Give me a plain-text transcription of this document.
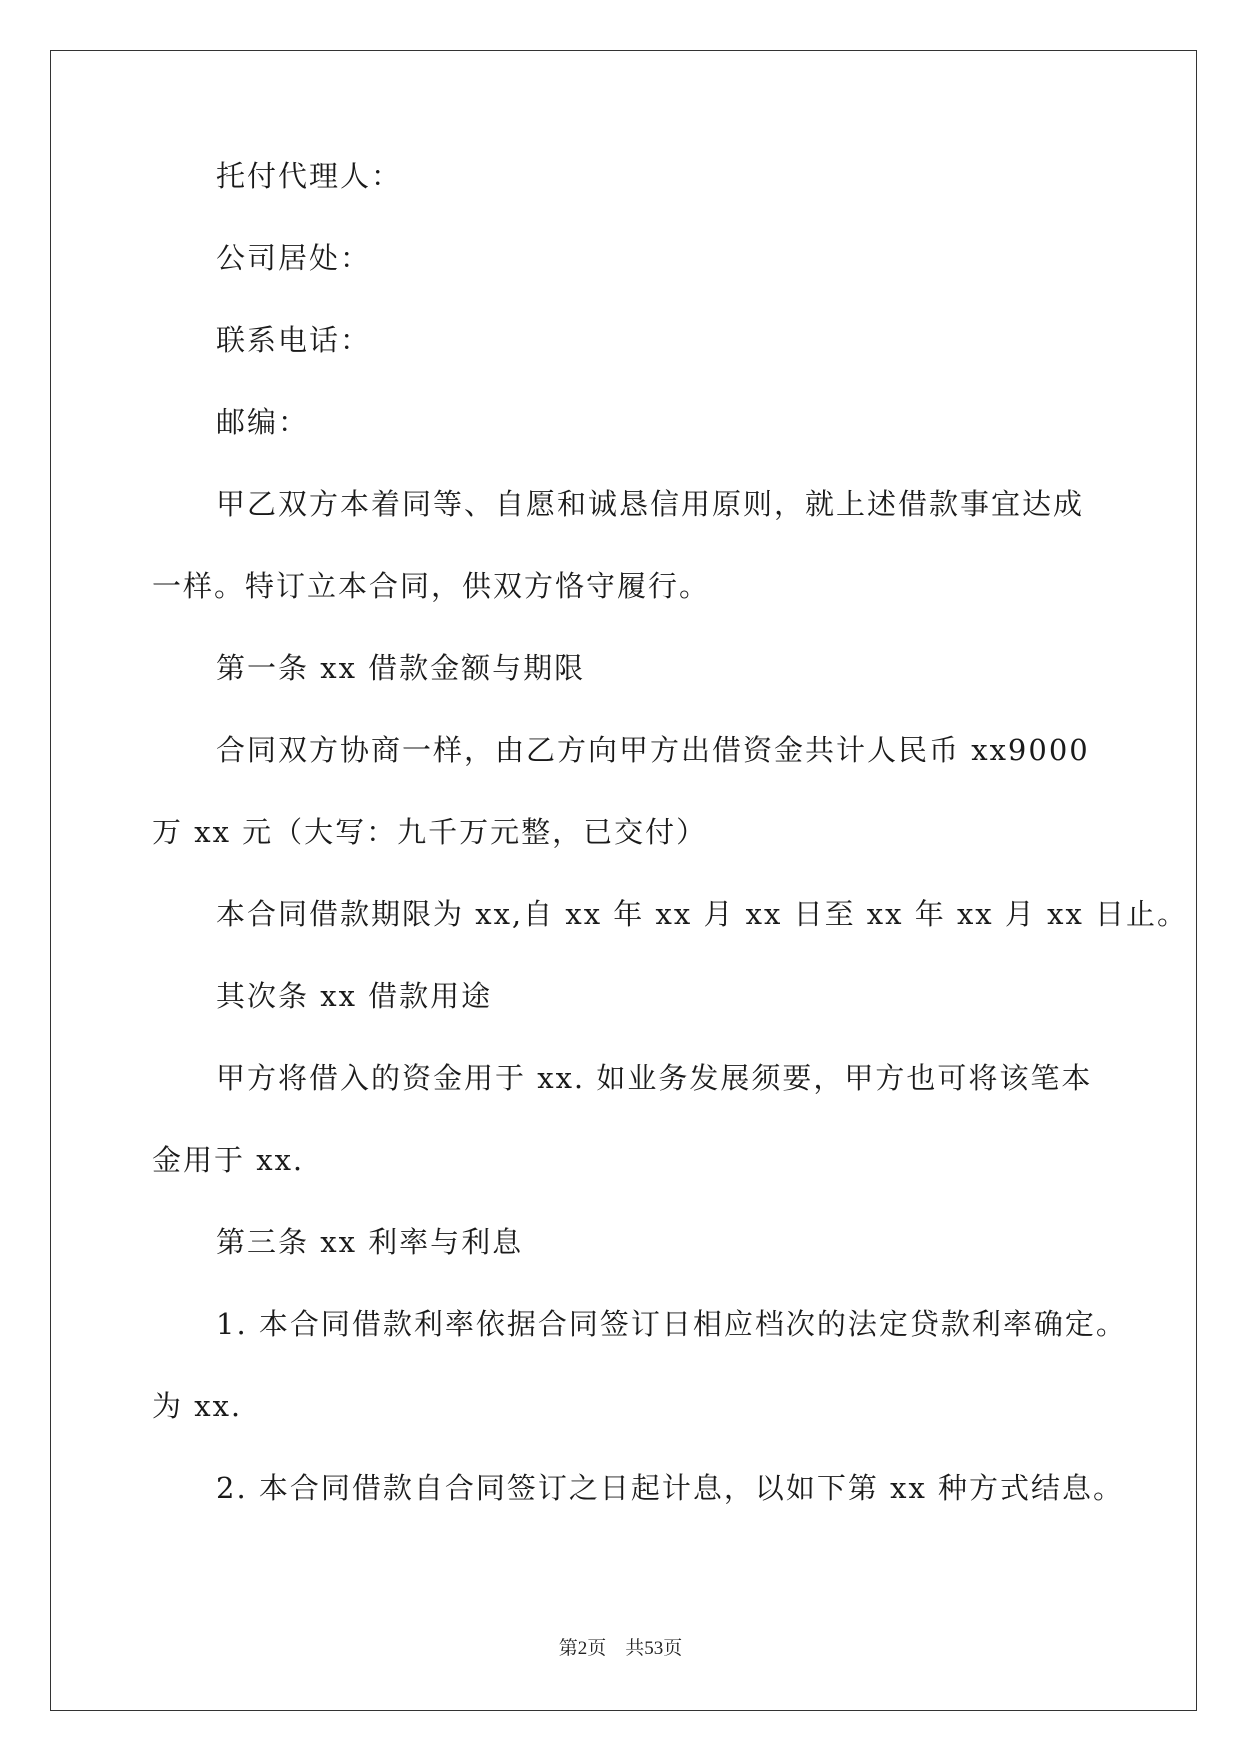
托付代理人：

公司居处：

联系电话：

邮编：

甲乙双方本着同等、自愿和诚恳信用原则，就上述借款事宜达成

一样。特订立本合同，供双方恪守履行。

第一条 xx 借款金额与期限

合同双方协商一样，由乙方向甲方出借资金共计人民币 xx9000

万 xx 元（大写：九千万元整，已交付）

本合同借款期限为 xx,自 xx 年 xx 月 xx 日至 xx 年 xx 月 xx 日止。

其次条 xx 借款用途

甲方将借入的资金用于 xx. 如业务发展须要，甲方也可将该笔本

金用于 xx.

第三条 xx 利率与利息

1. 本合同借款利率依据合同签订日相应档次的法定贷款利率确定。

为 xx.

2. 本合同借款自合同签订之日起计息，以如下第 xx 种方式结息。

第2页 共53页
